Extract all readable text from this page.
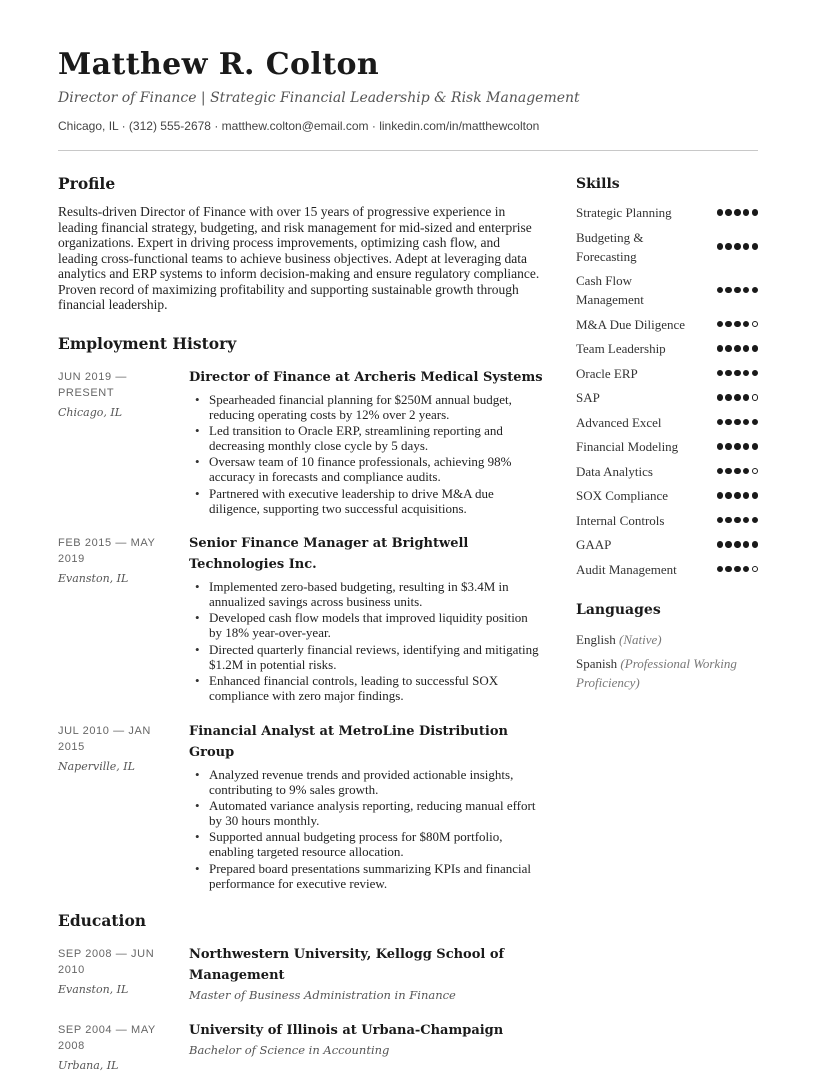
Matthew R. Colton
Director of Finance | Strategic Financial Leadership & Risk Management
Chicago, IL · (312) 555-2678 · matthew.colton@email.com · linkedin.com/in/matthewcolton
Profile
Results-driven Director of Finance with over 15 years of progressive experience in leading financial strategy, budgeting, and risk management for mid-sized and enterprise organizations. Expert in driving process improvements, optimizing cash flow, and leading cross-functional teams to achieve business objectives. Adept at leveraging data analytics and ERP systems to inform decision-making and ensure regulatory compliance. Proven record of maximizing profitability and supporting sustainable growth through financial leadership.
Employment History
JUN 2019 — PRESENT
Chicago, IL
Director of Finance at Archeris Medical Systems
• Spearheaded financial planning for $250M annual budget, reducing operating costs by 12% over 2 years.
• Led transition to Oracle ERP, streamlining reporting and decreasing monthly close cycle by 5 days.
• Oversaw team of 10 finance professionals, achieving 98% accuracy in forecasts and compliance audits.
• Partnered with executive leadership to drive M&A due diligence, supporting two successful acquisitions.
FEB 2015 — MAY 2019
Evanston, IL
Senior Finance Manager at Brightwell Technologies Inc.
• Implemented zero-based budgeting, resulting in $3.4M in annualized savings across business units.
• Developed cash flow models that improved liquidity position by 18% year-over-year.
• Directed quarterly financial reviews, identifying and mitigating $1.2M in potential risks.
• Enhanced financial controls, leading to successful SOX compliance with zero major findings.
JUL 2010 — JAN 2015
Naperville, IL
Financial Analyst at MetroLine Distribution Group
• Analyzed revenue trends and provided actionable insights, contributing to 9% sales growth.
• Automated variance analysis reporting, reducing manual effort by 30 hours monthly.
• Supported annual budgeting process for $80M portfolio, enabling targeted resource allocation.
• Prepared board presentations summarizing KPIs and financial performance for executive review.
Education
SEP 2008 — JUN 2010
Evanston, IL
Northwestern University, Kellogg School of Management
Master of Business Administration in Finance
SEP 2004 — MAY 2008
Urbana, IL
University of Illinois at Urbana-Champaign
Bachelor of Science in Accounting
Skills
Strategic Planning
Budgeting & Forecasting
Cash Flow Management
M&A Due Diligence
Team Leadership
Oracle ERP
SAP
Advanced Excel
Financial Modeling
Data Analytics
SOX Compliance
Internal Controls
GAAP
Audit Management
Languages
English (Native)
Spanish (Professional Working Proficiency)
